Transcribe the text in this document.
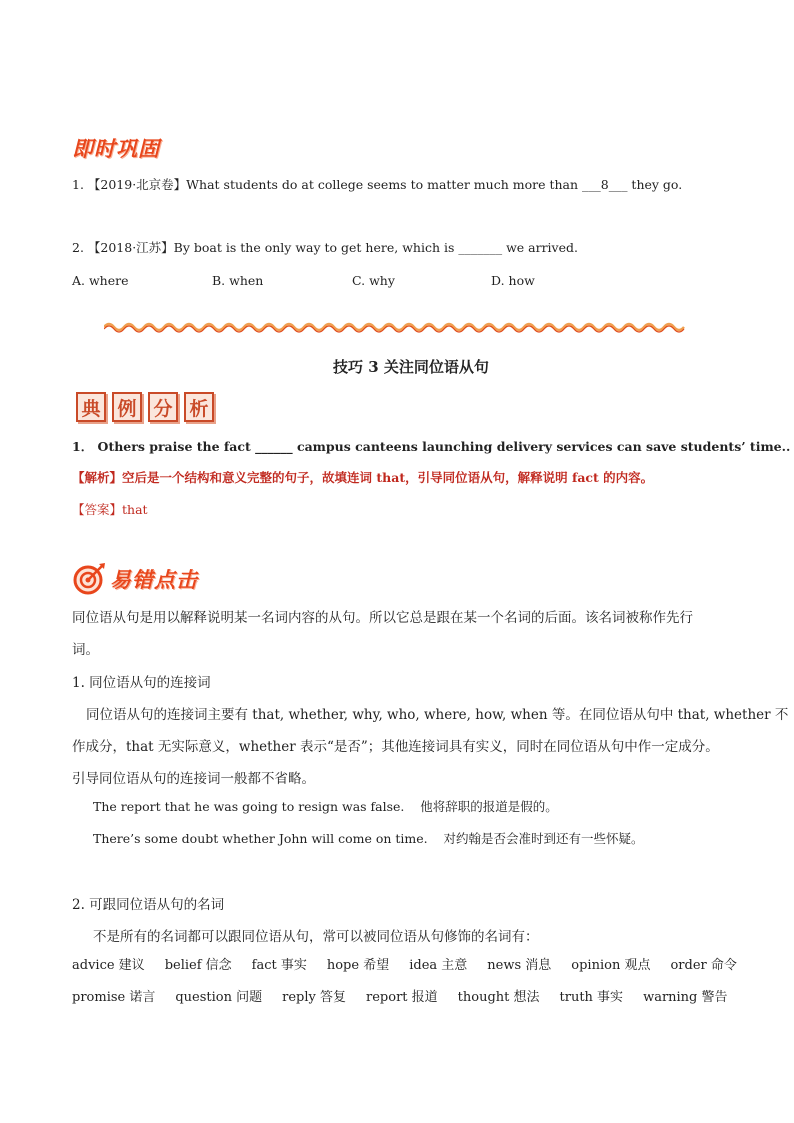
即时巩固
1. 【2019·北京卷】What students do at college seems to matter much more than ___8___ they go.
2. 【2018·江苏】By boat is the only way to get here, which is _______ we arrived.
A. where	B. when	C. why	D. how
技巧 3 关注同位语从句
典 例 分 析
1． Others praise the fact ______ campus canteens launching delivery services can save students’ time..
【解析】空后是一个结构和意义完整的句子，故填连词 that，引导同位语从句，解释说明 fact 的内容。
【答案】that
易错点击
同位语从句是用以解释说明某一名词内容的从句。所以它总是跟在某一个名词的后面。该名词被称作先行
词。
1. 同位语从句的连接词
同位语从句的连接词主要有 that, whether, why, who, where, how, when 等。在同位语从句中 that, whether 不
作成分，that 无实际意义，whether 表示“是否”；其他连接词具有实义，同时在同位语从句中作一定成分。
引导同位语从句的连接词一般都不省略。
The report that he was going to resign was false.    他将辞职的报道是假的。
There’s some doubt whether John will come on time.    对约翰是否会准时到还有一些怀疑。
2. 可跟同位语从句的名词
不是所有的名词都可以跟同位语从句，常可以被同位语从句修饰的名词有：
advice 建议 belief 信念 fact 事实 hope 希望 idea 主意 news 消息 opinion 观点 order 命令
promise 诺言 question 问题 reply 答复 report 报道 thought 想法 truth 事实 warning 警告
